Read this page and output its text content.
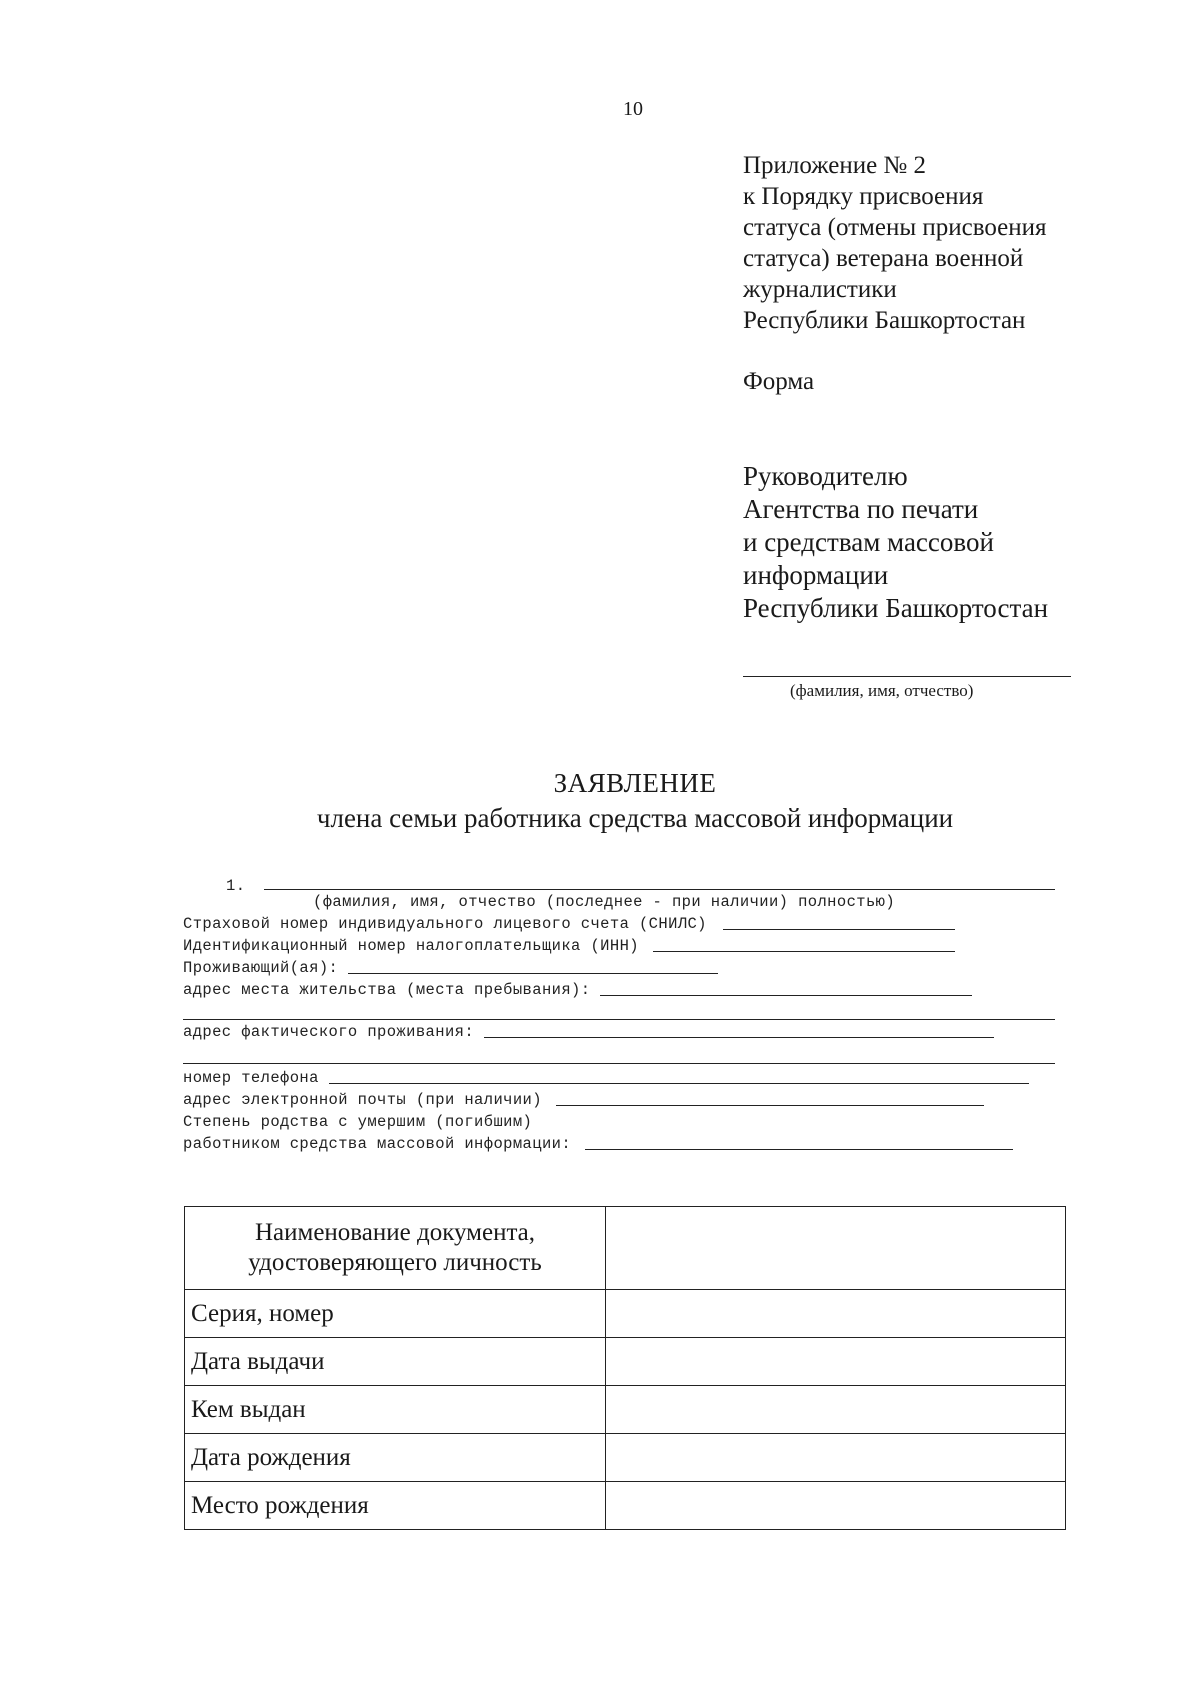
10
Приложение № 2
к Порядку присвоения
статуса (отмены присвоения
статуса) ветерана военной
журналистики
Республики Башкортостан
Форма
Руководителю
Агентства по печати
и средствам массовой
информации
Республики Башкортостан
(фамилия, имя, отчество)
ЗАЯВЛЕНИЕ
члена семьи работника средства массовой информации
1.
(фамилия, имя, отчество (последнее - при наличии) полностью)
Страховой номер индивидуального лицевого счета (СНИЛС)
Идентификационный номер налогоплательщика (ИНН)
Проживающий(ая):
адрес места жительства (места пребывания):
адрес фактического проживания:
номер телефона
адрес электронной почты (при наличии)
Степень родства с умершим (погибшим)
работником средства массовой информации:
Наименование документа,
удостоверяющего личность	

Серия, номер	
Дата выдачи	
Кем выдан	
Дата рождения	
Место рождения	
